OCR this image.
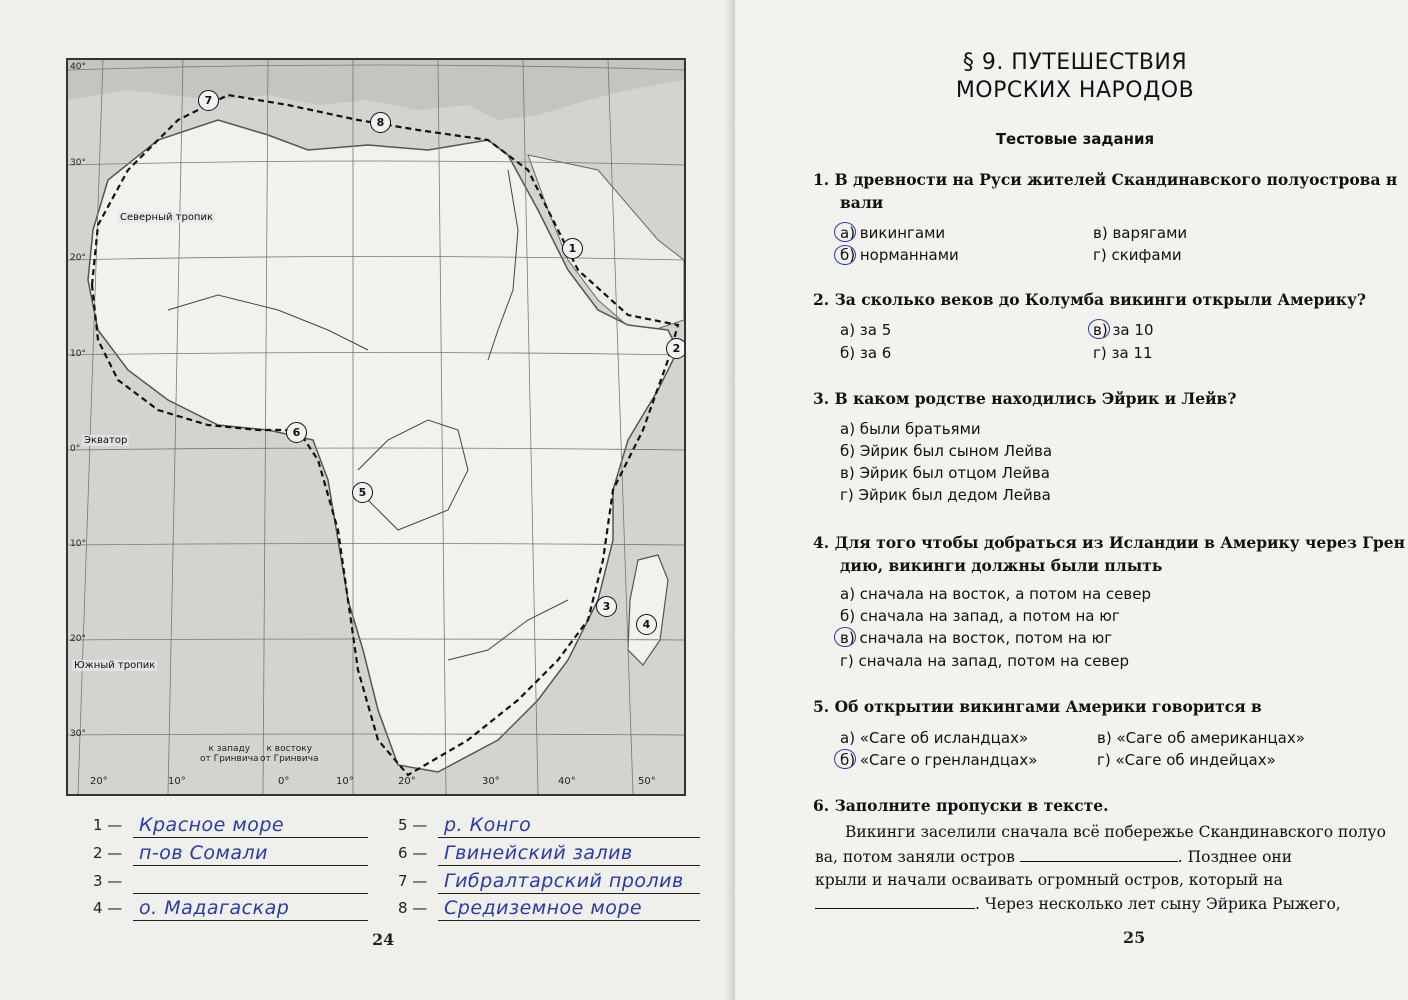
40°
30°
20°
10°
0°
10°
20°
30°
Северный тропик
Экватор
Южный тропик
20°	10°	0°	10°	20°	30°	40°	50°
к западу
от Гринвича
к востоку
от Гринвича
1
2
3
4
5
6
7
8
1 — Красное море
2 — п-ов Сомали
3 —
4 — о. Мадагаскар
5 — р. Конго
6 — Гвинейский залив
7 — Гибралтарский пролив
8 — Средиземное море
24
§ 9. ПУТЕШЕСТВИЯ
МОРСКИХ НАРОДОВ
Тестовые задания
1. В древности на Руси жителей Скандинавского полуострова н
вали
а) викингами
б) норманнами
в) варягами
г) скифами
2. За сколько веков до Колумба викинги открыли Америку?
а) за 5
б) за 6
в) за 10
г) за 11
3. В каком родстве находились Эйрик и Лейв?
а) были братьями
б) Эйрик был сыном Лейва
в) Эйрик был отцом Лейва
г) Эйрик был дедом Лейва
4. Для того чтобы добраться из Исландии в Америку через Грен
дию, викинги должны были плыть
а) сначала на восток, а потом на север
б) сначала на запад, а потом на юг
в) сначала на восток, потом на юг
г) сначала на запад, потом на север
5. Об открытии викингами Америки говорится в
а) «Саге об исландцах»
б) «Саге о гренландцах»
в) «Саге об американцах»
г) «Саге об индейцах»
6. Заполните пропуски в тексте.
Викинги заселили сначала всё побережье Скандинавского полуо
ва, потом заняли остров	. Позднее они
крыли и начали осваивать огромный остров, который на
. Через несколько лет сыну Эйрика Рыжего,
25
